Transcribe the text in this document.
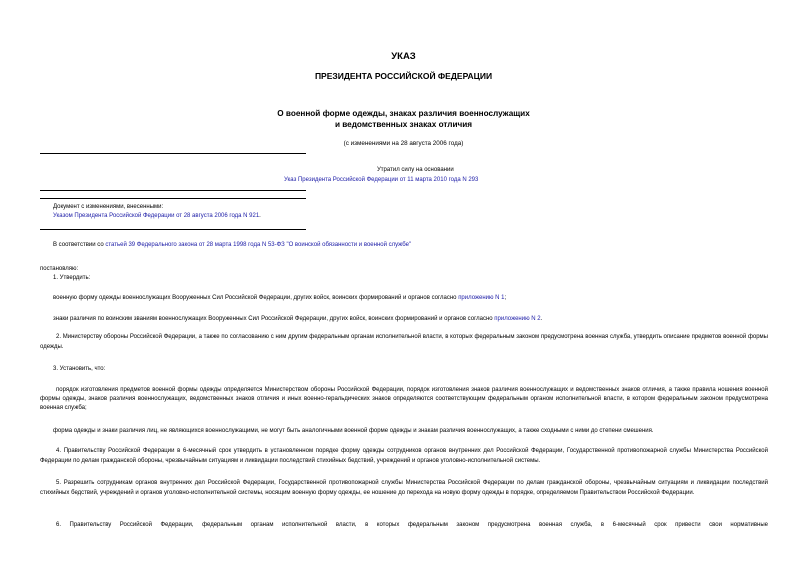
УКАЗ
ПРЕЗИДЕНТА РОССИЙСКОЙ ФЕДЕРАЦИИ
О военной форме одежды, знаках различия военнослужащих
и ведомственных знаках отличия
(с изменениями на 28 августа 2006 года)
Утратил силу на основании
Указ Президента Российской Федерации от 11 марта 2010 года N 293
Документ с изменениями, внесенными:
Указом Президента Российской Федерации от 28 августа 2006 года N 921.
В соответствии со статьей 39 Федерального закона от 28 марта 1998 года N 53-ФЗ "О воинской обязанности и военной службе"
постановляю:
1. Утвердить:
военную форму одежды военнослужащих Вооруженных Сил Российской Федерации, других войск, воинских формирований и органов согласно приложению N 1;
знаки различия по воинским званиям военнослужащих Вооруженных Сил Российской Федерации, других войск, воинских формирований и органов согласно приложению N 2.
2. Министерству обороны Российской Федерации, а также по согласованию с ним другим федеральным органам исполнительной власти, в которых федеральным законом предусмотрена военная служба, утвердить описание предметов военной формы одежды.
3. Установить, что:
порядок изготовления предметов военной формы одежды определяется Министерством обороны Российской Федерации, порядок изготовления знаков различия военнослужащих и ведомственных знаков отличия, а также правила ношения военной формы одежды, знаков различия военнослужащих, ведомственных знаков отличия и иных военно-геральдических знаков определяются соответствующим федеральным органом исполнительной власти, в котором федеральным законом предусмотрена военная служба;
форма одежды и знаки различия лиц, не являющихся военнослужащими, не могут быть аналогичными военной форме одежды и знакам различия военнослужащих, а также сходными с ними до степени смешения.
4. Правительству Российской Федерации в 6-месячный срок утвердить в установленном порядке форму одежды сотрудников органов внутренних дел Российской Федерации, Государственной противопожарной службы Министерства Российской Федерации по делам гражданской обороны, чрезвычайным ситуациям и ликвидации последствий стихийных бедствий, учреждений и органов уголовно-исполнительной системы.
5. Разрешить сотрудникам органов внутренних дел Российской Федерации, Государственной противопожарной службы Министерства Российской Федерации по делам гражданской обороны, чрезвычайным ситуациям и ликвидации последствий стихийных бедствий, учреждений и органов уголовно-исполнительной системы, носящим военную форму одежды, ее ношение до перехода на новую форму одежды в порядке, определяемом Правительством Российской Федерации.
6. Правительству Российской Федерации, федеральным органам исполнительной власти, в которых федеральным законом предусмотрена военная служба, в 6-месячный срок привести свои нормативные
